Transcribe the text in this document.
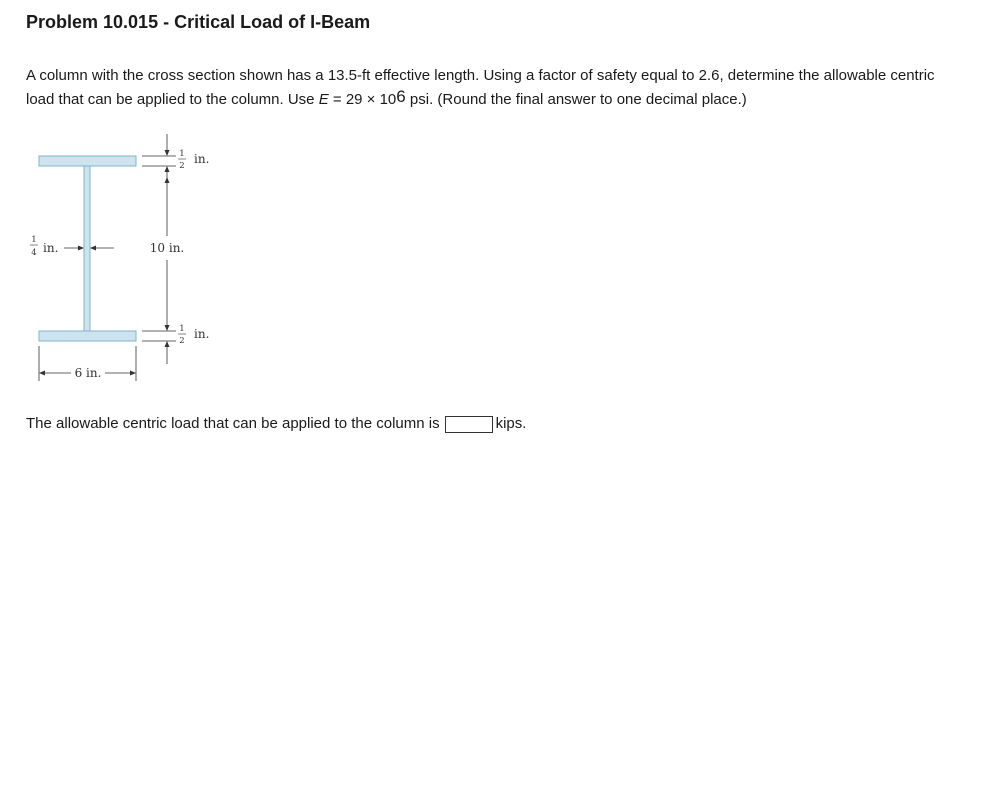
Problem 10.015 - Critical Load of I-Beam
A column with the cross section shown has a 13.5-ft effective length. Using a factor of safety equal to 2.6, determine the allowable centric load that can be applied to the column. Use $E = 29 \times 10^6$ psi. (Round the final answer to one decimal place.)
1
2 in.
10 in.
1
2 in.
1
4 in.
6 in.
The allowable centric load that can be applied to the column is	kips.
